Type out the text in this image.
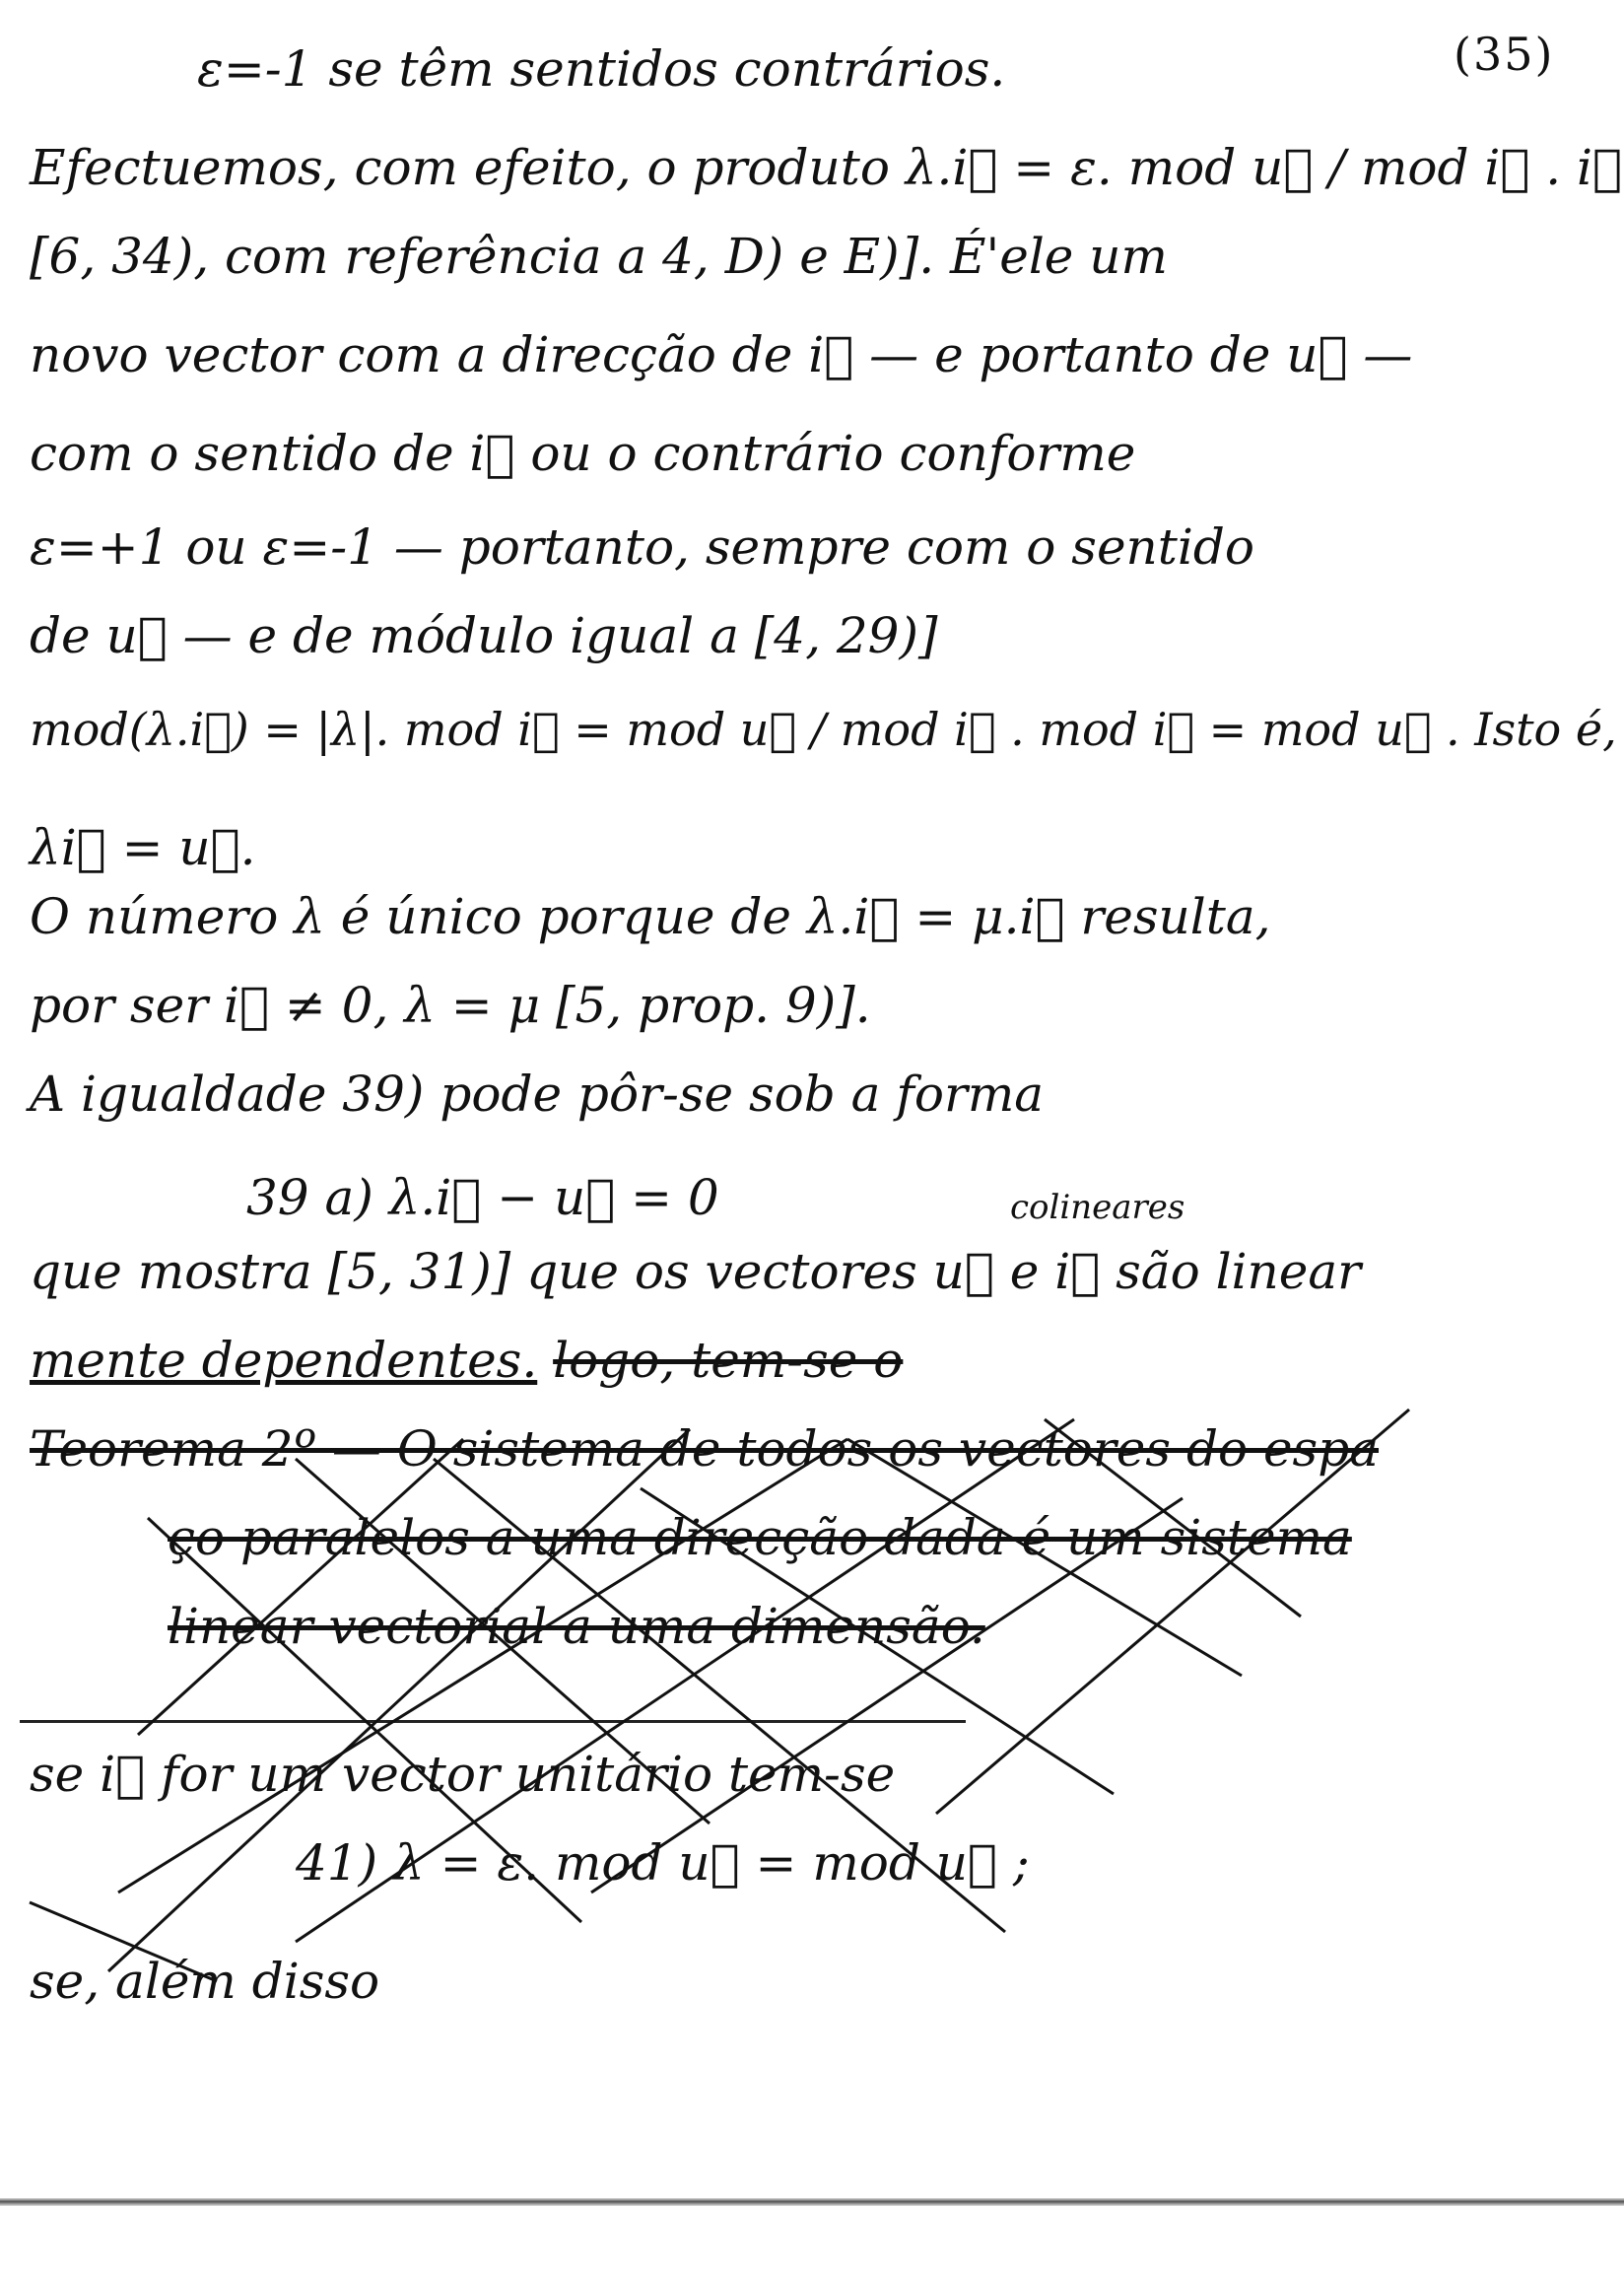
(35)
ε=-1 se têm sentidos contrários.
Efectuemos, com efeito, o produto λ.i⃗ = ε. mod u⃗ / mod i⃗ . i⃗
[6, 34), com referência a 4, D) e E)]. É'ele um
novo vector com a direcção de i⃗ — e portanto de u⃗ —
com o sentido de i⃗ ou o contrário conforme
ε=+1 ou ε=-1 — portanto, sempre com o sentido
de u⃗ — e de módulo igual a [4, 29)]
mod(λ.i⃗) = |λ|. mod i⃗ = mod u⃗ / mod i⃗ . mod i⃗ = mod u⃗ . Isto é,
λi⃗ = u⃗.
O número λ é único porque de λ.i⃗ = μ.i⃗ resulta,
por ser i⃗ ≠ 0, λ = μ [5, prop. 9)].
A igualdade 39) pode pôr-se sob a forma
39 a) λ.i⃗ − u⃗ = 0	colineares
que mostra [5, 31)] que os vectores u⃗ e i⃗ são linear
mente dependentes. logo, tem-se o
Teorema 2º — O sistema de todos os vectores do espa
ço paralelos a uma direcção dada é um sistema
linear vectorial a uma dimensão.
se i⃗ for um vector unitário tem-se
41) λ = ε. mod u⃗ = mod u⃗ ;
se, além disso
